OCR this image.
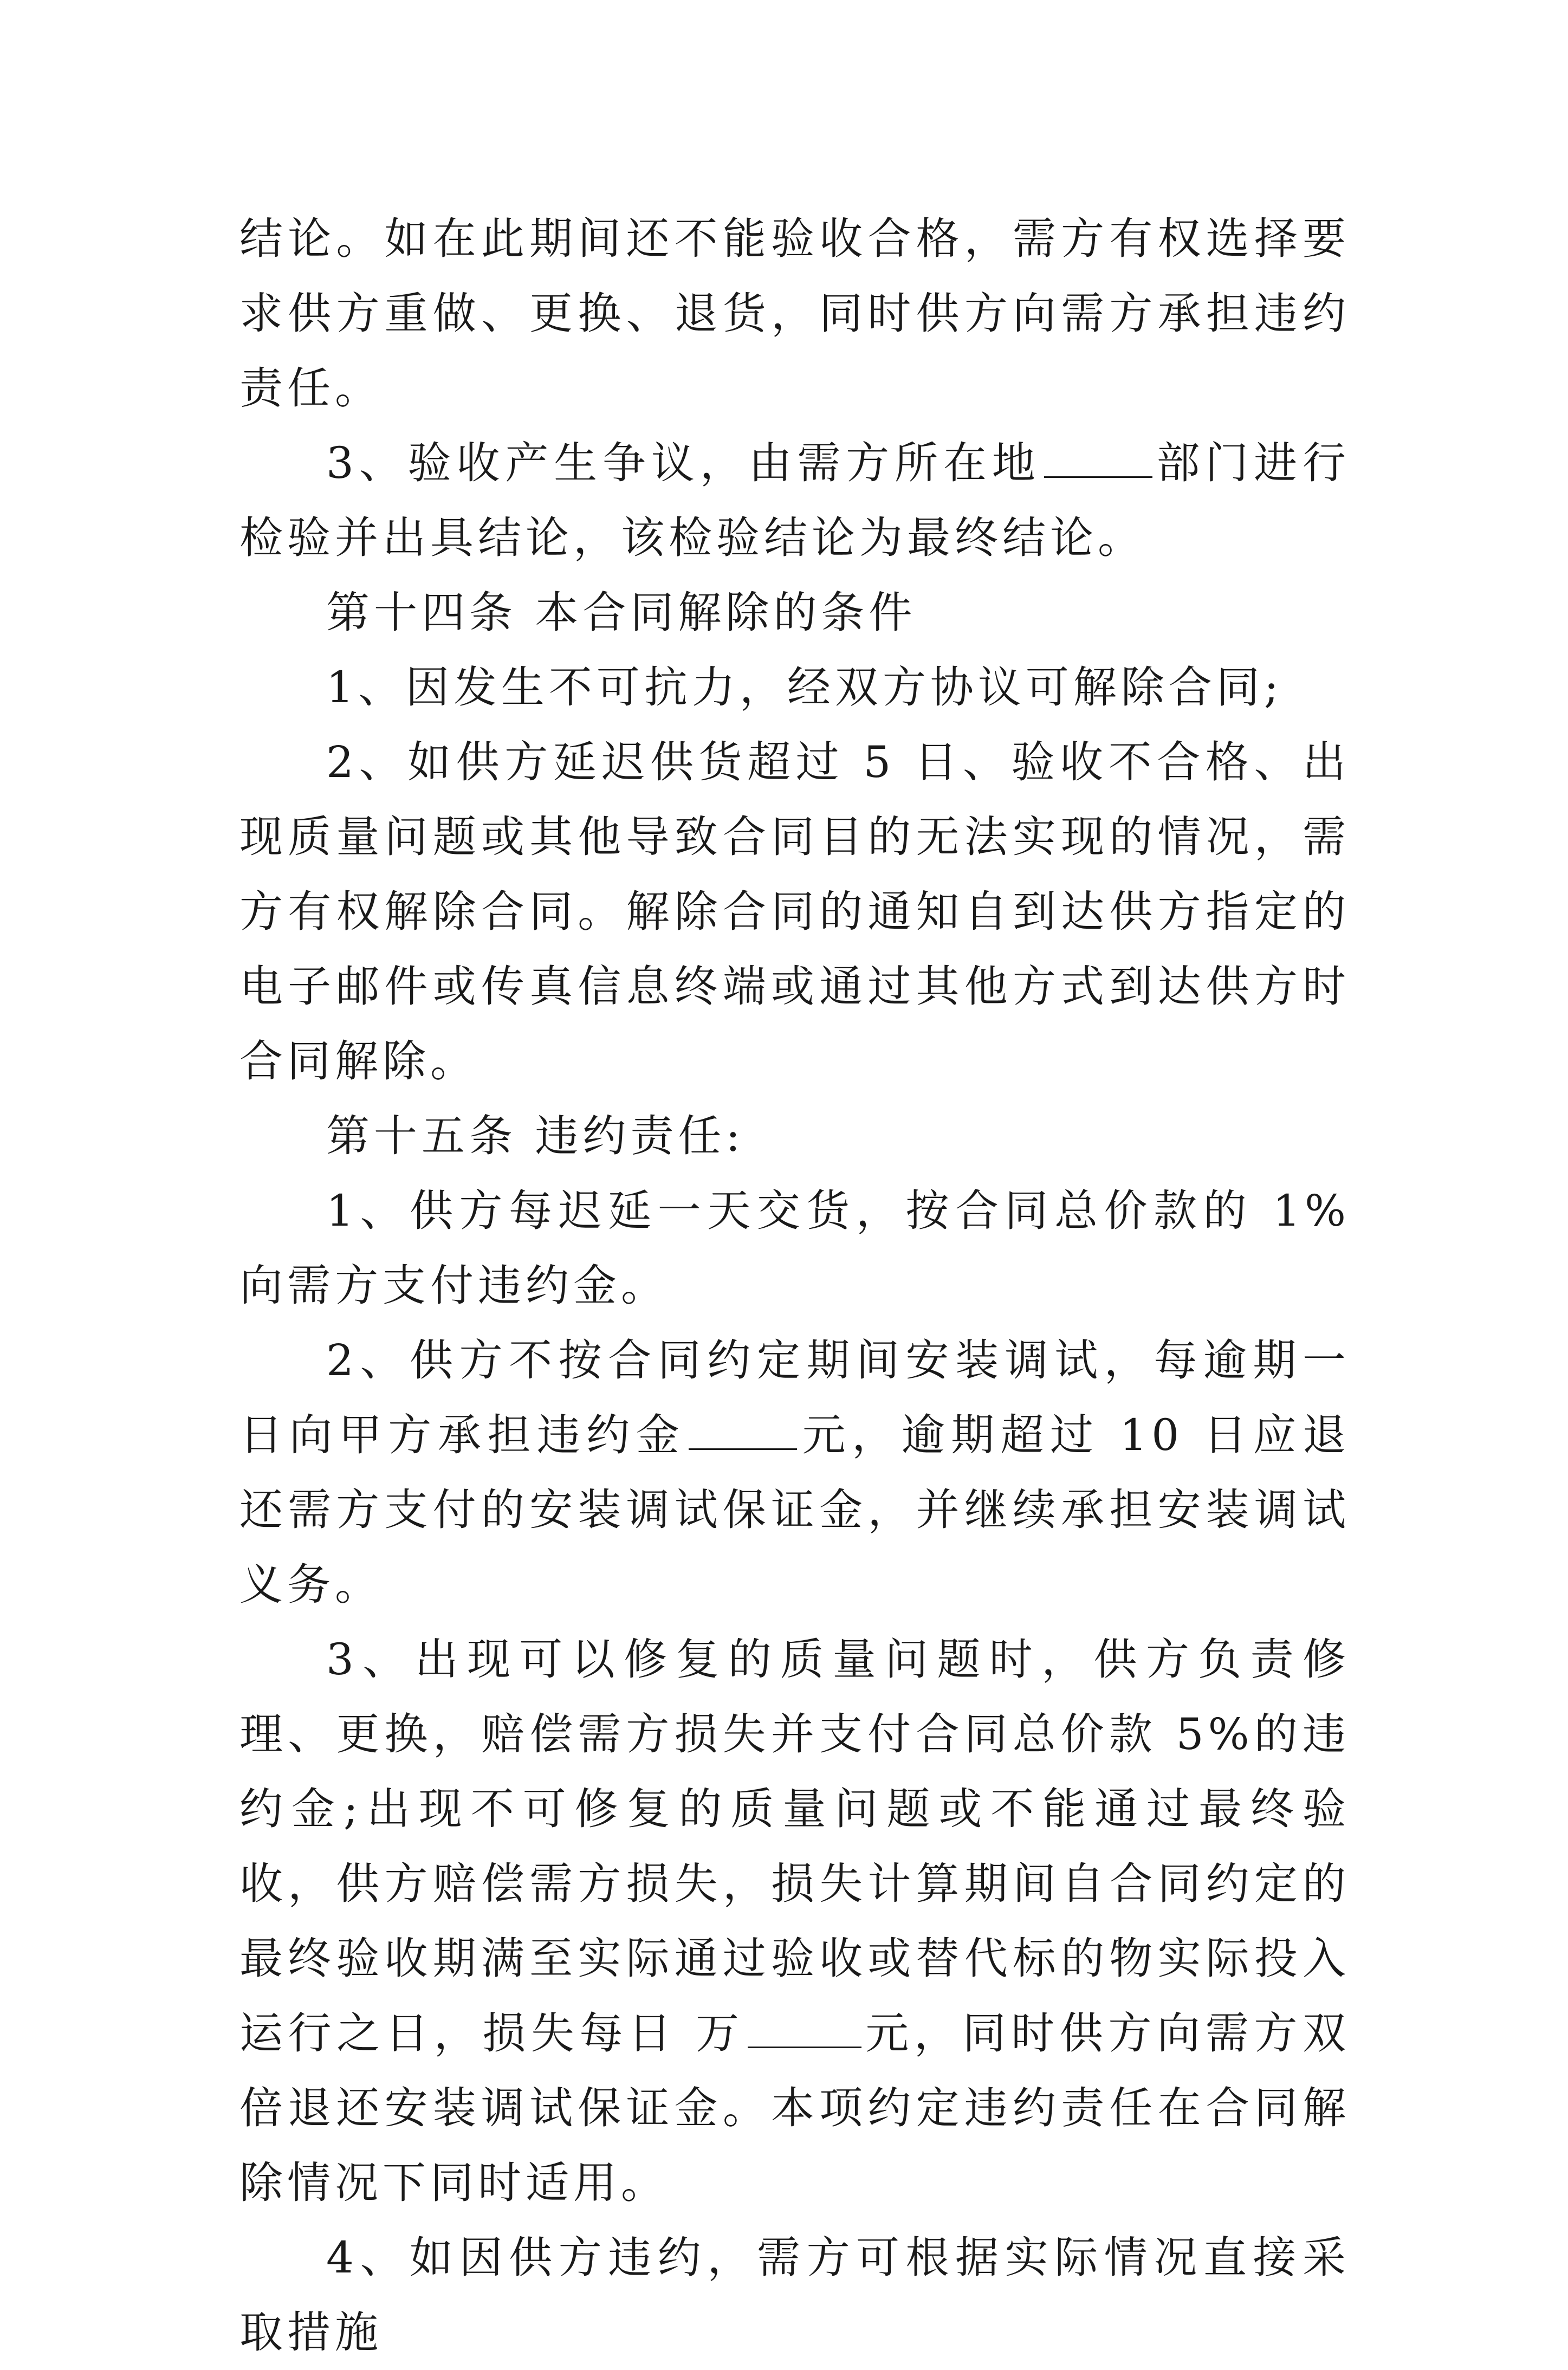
结论。如在此期间还不能验收合格，需方有权选择要求供方重做、更换、退货，同时供方向需方承担违约责任。

3、验收产生争议，由需方所在地	部门进行检验并出具结论，该检验结论为最终结论。

第十四条 本合同解除的条件

1、因发生不可抗力，经双方协议可解除合同;

2、如供方延迟供货超过 5 日、验收不合格、出现质量问题或其他导致合同目的无法实现的情况，需方有权解除合同。解除合同的通知自到达供方指定的电子邮件或传真信息终端或通过其他方式到达供方时合同解除。

第十五条 违约责任:

1、供方每迟延一天交货，按合同总价款的 1%向需方支付违约金。

2、供方不按合同约定期间安装调试，每逾期一日向甲方承担违约金	元，逾期超过 10 日应退还需方支付的安装调试保证金，并继续承担安装调试义务。

3、出现可以修复的质量问题时，供方负责修理、更换，赔偿需方损失并支付合同总价款 5%的违约金;出现不可修复的质量问题或不能通过最终验收，供方赔偿需方损失，损失计算期间自合同约定的最终验收期满至实际通过验收或替代标的物实际投入运行之日，损失每日 万	元，同时供方向需方双倍退还安装调试保证金。本项约定违约责任在合同解除情况下同时适用。

4、如因供方违约，需方可根据实际情况直接采取措施
